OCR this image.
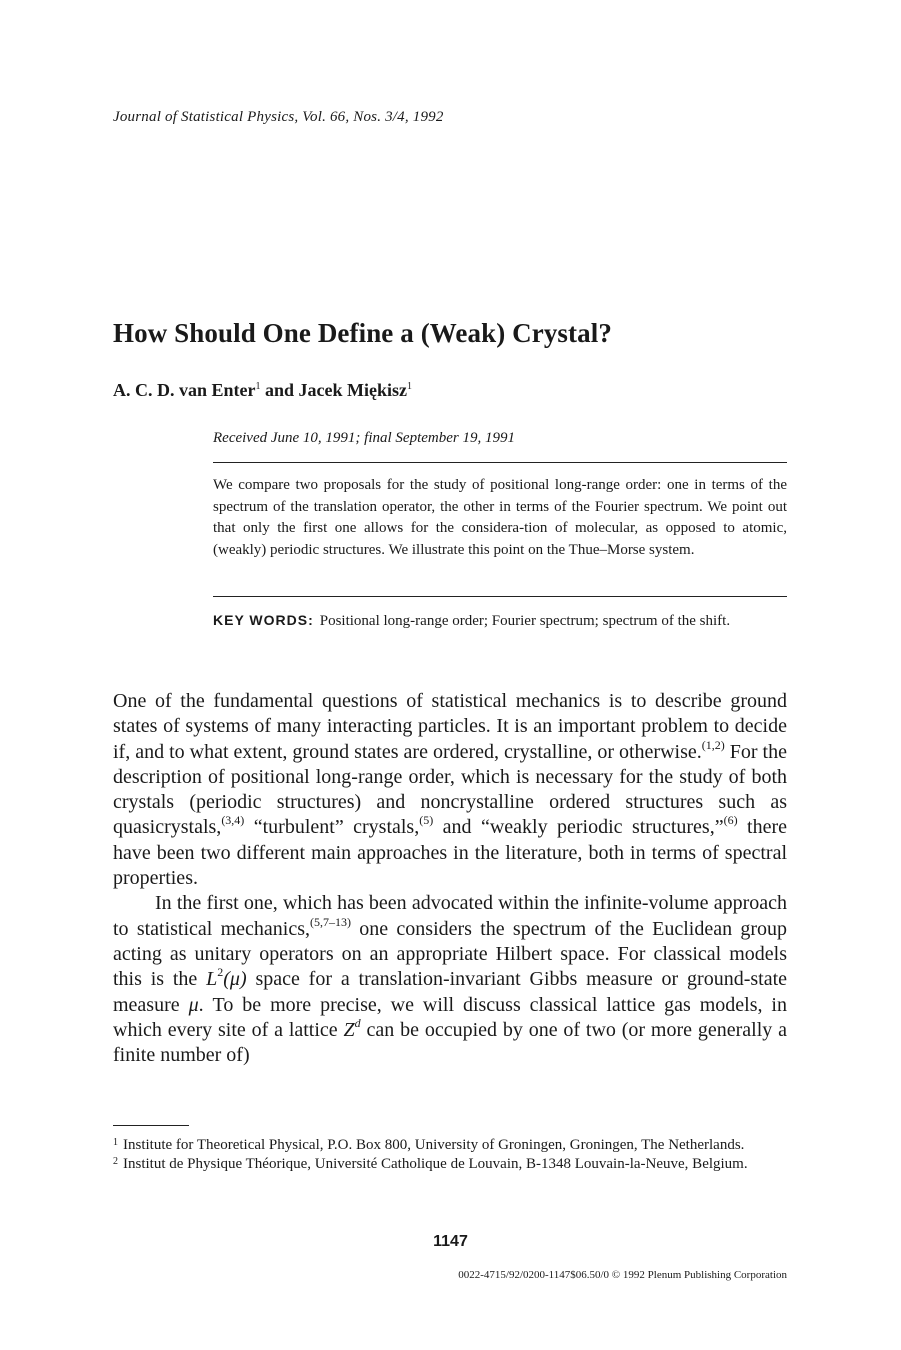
Journal of Statistical Physics, Vol. 66, Nos. 3/4, 1992
How Should One Define a (Weak) Crystal?
A. C. D. van Enter$^1$ and Jacek Miękisz$^1$
Received June 10, 1991; final September 19, 1991
We compare two proposals for the study of positional long-range order: one in terms of the spectrum of the translation operator, the other in terms of the Fourier spectrum. We point out that only the first one allows for the considera-tion of molecular, as opposed to atomic, (weakly) periodic structures. We illustrate this point on the Thue–Morse system.
KEY WORDS: Positional long-range order; Fourier spectrum; spectrum of the shift.

One of the fundamental questions of statistical mechanics is to describe ground states of systems of many interacting particles. It is an important problem to decide if, and to what extent, ground states are ordered, crystalline, or otherwise.$^{(1,2)}$ For the description of positional long-range order, which is necessary for the study of both crystals (periodic structures) and noncrystalline ordered structures such as quasicrystals,$^{(3,4)}$ “turbulent” crystals,$^{(5)}$ and “weakly periodic structures,”$^{(6)}$ there have been two different main approaches in the literature, both in terms of spectral properties.

In the first one, which has been advocated within the infinite-volume approach to statistical mechanics,$^{(5,7-13)}$ one considers the spectrum of the Euclidean group acting as unitary operators on an appropriate Hilbert space. For classical models this is the $L^2(\mu)$ space for a translation-invariant Gibbs measure or ground-state measure μ. To be more precise, we will discuss classical lattice gas models, in which every site of a lattice $Z^d$ can be occupied by one of two (or more generally a finite number of)

1 Institute for Theoretical Physical, P.O. Box 800, University of Groningen, Groningen, The Netherlands.
2 Institut de Physique Théorique, Université Catholique de Louvain, B-1348 Louvain-la-Neuve, Belgium.
1147
0022-4715/92/0200-1147$06.50/0 © 1992 Plenum Publishing Corporation
